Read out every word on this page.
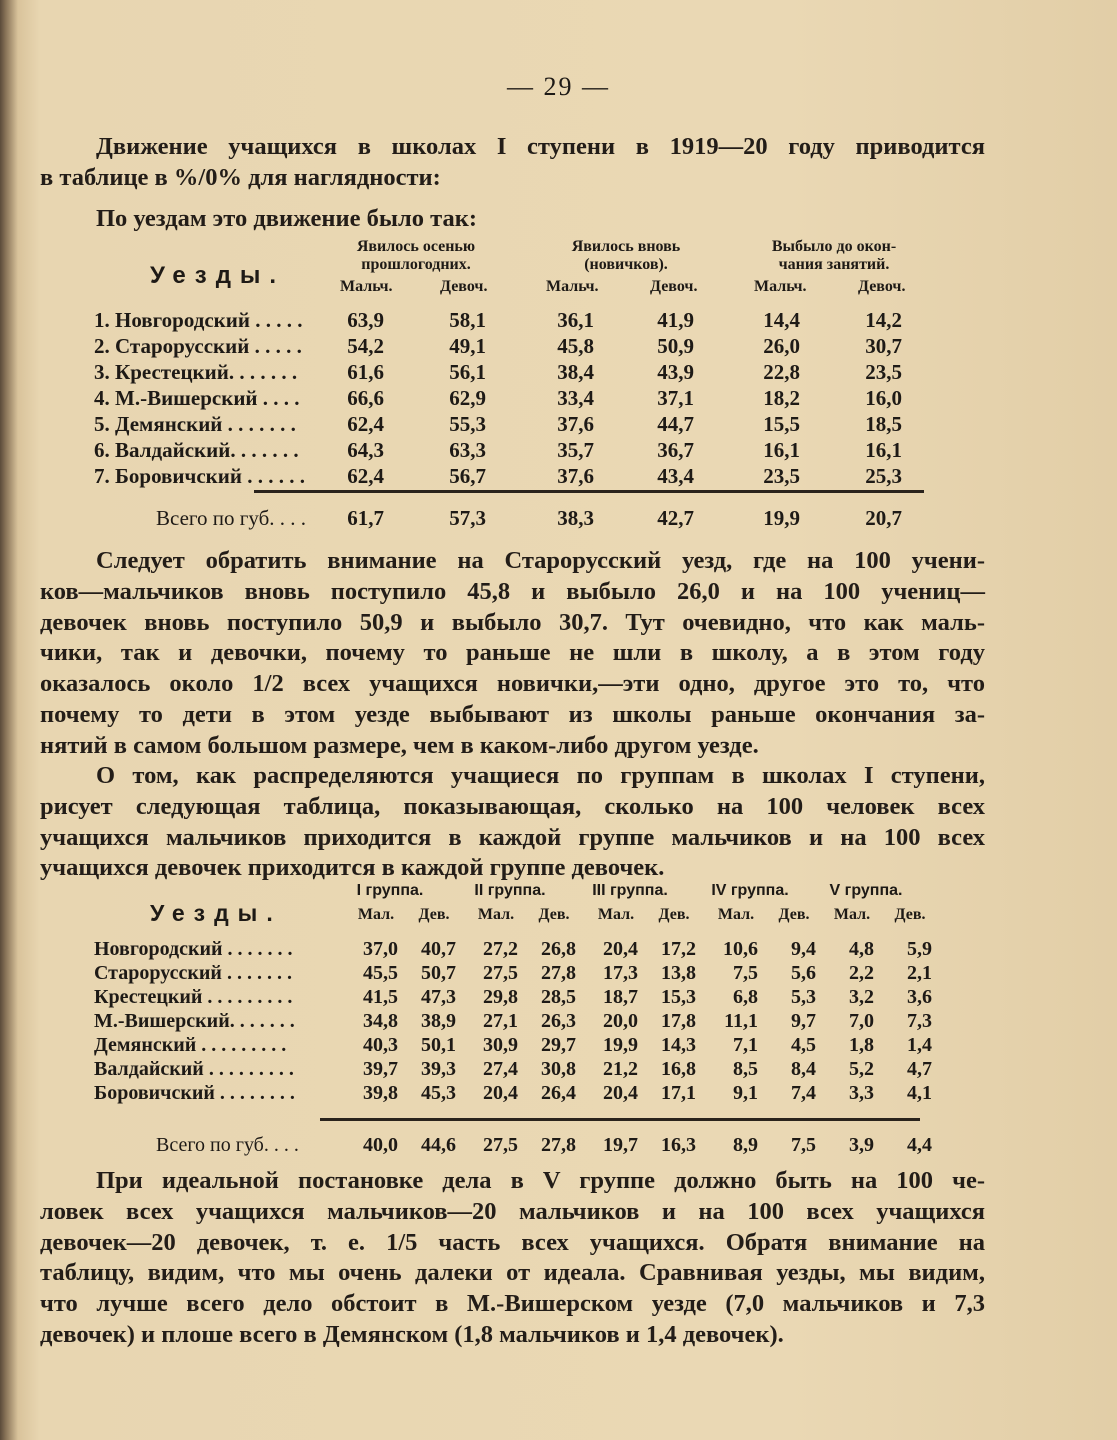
— 29 —
Движение учащихся в школах I ступени в 1919—20 году приводится
в таблице в %/0% для наглядности:
По уездам это движение было так:
Уезды.
Явилось осенью
прошлогодних.
Явилось вновь
(новичков).
Выбыло до окон-
чания занятий.
Мальч.	Девоч.	Мальч.	Девоч.	Мальч.	Девоч.
1. Новгородский . . . . .	63,9	58,1	36,1	41,9	14,4	14,2
2. Старорусский . . . . .	54,2	49,1	45,8	50,9	26,0	30,7
3. Крестецкий. . . . . . .	61,6	56,1	38,4	43,9	22,8	23,5
4. М.-Вишерский . . . .	66,6	62,9	33,4	37,1	18,2	16,0
5. Демянский . . . . . . .	62,4	55,3	37,6	44,7	15,5	18,5
6. Валдайский. . . . . . .	64,3	63,3	35,7	36,7	16,1	16,1
7. Боровичский . . . . . .	62,4	56,7	37,6	43,4	23,5	25,3
Всего по губ. . . .	61,7	57,3	38,3	42,7	19,9	20,7
Следует обратить внимание на Старорусский уезд, где на 100 учени-
ков—мальчиков вновь поступило 45,8 и выбыло 26,0 и на 100 учениц—
девочек вновь поступило 50,9 и выбыло 30,7. Тут очевидно, что как маль-
чики, так и девочки, почему то раньше не шли в школу, а в этом году
оказалось около 1/2 всех учащихся новички,—эти одно, другое это то, что
почему то дети в этом уезде выбывают из школы раньше окончания за-
нятий в самом большом размере, чем в каком-либо другом уезде.
О том, как распределяются учащиеся по группам в школах I ступени,
рисует следующая таблица, показывающая, сколько на 100 человек всех
учащихся мальчиков приходится в каждой группе мальчиков и на 100 всех
учащихся девочек приходится в каждой группе девочек.
Уезды.
I группа.	II группа.	III группа.	IV группа.	V группа.
Мал.	Дев.	Мал.	Дев.	Мал.	Дев.	Мал.	Дев.	Мал.	Дев.
Новгородский . . . . . . .	37,0	40,7	27,2	26,8	20,4	17,2	10,6	9,4	4,8	5,9
Старорусский . . . . . . .	45,5	50,7	27,5	27,8	17,3	13,8	7,5	5,6	2,2	2,1
Крестецкий . . . . . . . . .	41,5	47,3	29,8	28,5	18,7	15,3	6,8	5,3	3,2	3,6
М.-Вишерский. . . . . . .	34,8	38,9	27,1	26,3	20,0	17,8	11,1	9,7	7,0	7,3
Демянский . . . . . . . . .	40,3	50,1	30,9	29,7	19,9	14,3	7,1	4,5	1,8	1,4
Валдайский . . . . . . . . .	39,7	39,3	27,4	30,8	21,2	16,8	8,5	8,4	5,2	4,7
Боровичский . . . . . . . .	39,8	45,3	20,4	26,4	20,4	17,1	9,1	7,4	3,3	4,1
Всего по губ. . . .	40,0	44,6	27,5	27,8	19,7	16,3	8,9	7,5	3,9	4,4
При идеальной постановке дела в V группе должно быть на 100 че-
ловек всех учащихся мальчиков—20 мальчиков и на 100 всех учащихся
девочек—20 девочек, т. е. 1/5 часть всех учащихся. Обратя внимание на
таблицу, видим, что мы очень далеки от идеала. Сравнивая уезды, мы видим,
что лучше всего дело обстоит в М.-Вишерском уезде (7,0 мальчиков и 7,3
девочек) и плоше всего в Демянском (1,8 мальчиков и 1,4 девочек).
